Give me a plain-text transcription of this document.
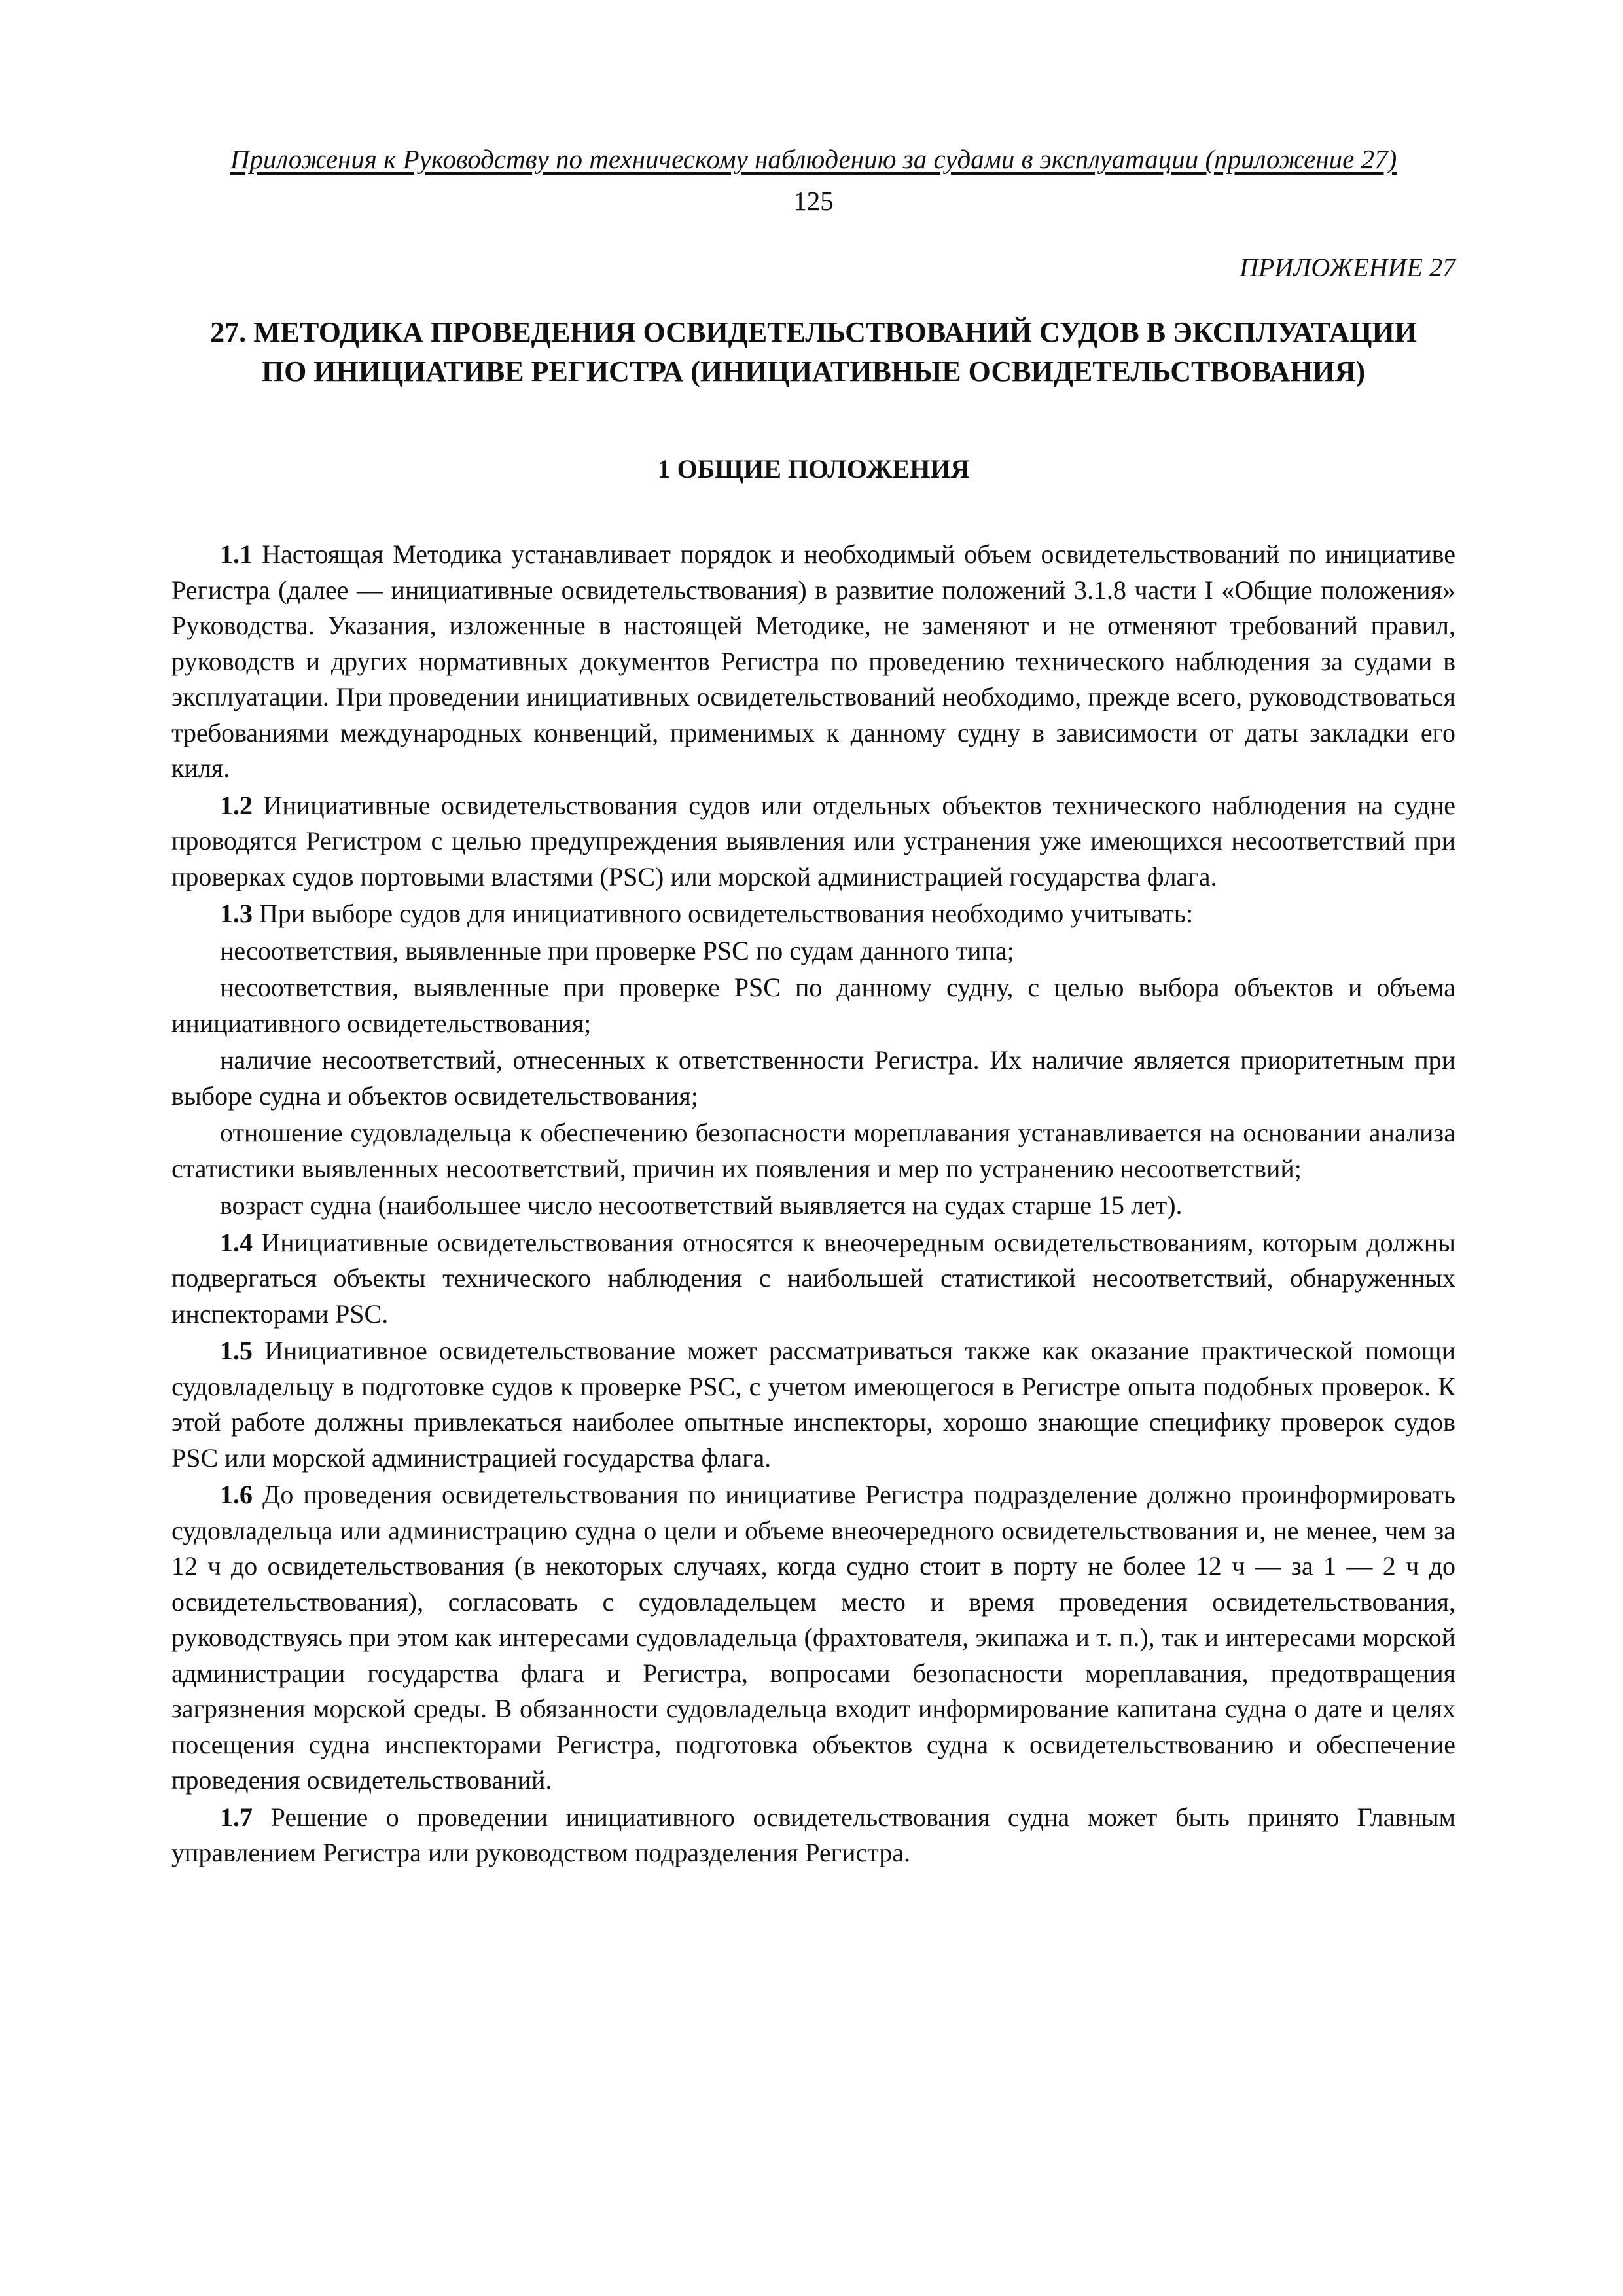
Приложения к Руководству по техническому наблюдению за судами в эксплуатации (приложение 27)
125
ПРИЛОЖЕНИЕ 27
27. МЕТОДИКА ПРОВЕДЕНИЯ ОСВИДЕТЕЛЬСТВОВАНИЙ СУДОВ В ЭКСПЛУАТАЦИИ
ПО ИНИЦИАТИВЕ РЕГИСТРА (ИНИЦИАТИВНЫЕ ОСВИДЕТЕЛЬСТВОВАНИЯ)
1 ОБЩИЕ ПОЛОЖЕНИЯ

1.1 Настоящая Методика устанавливает порядок и необходимый объем освидетельствований по инициативе Регистра (далее — инициативные освидетельствования) в развитие положений 3.1.8 части I «Общие положения» Руководства. Указания, изложенные в настоящей Методике, не заменяют и не отменяют требований правил, руководств и других нормативных документов Регистра по проведению технического наблюдения за судами в эксплуатации. При проведении инициативных освидетельствований необходимо, прежде всего, руководствоваться требованиями международных конвенций, применимых к данному судну в зависимости от даты закладки его киля.

1.2 Инициативные освидетельствования судов или отдельных объектов технического наблюдения на судне проводятся Регистром с целью предупреждения выявления или устранения уже имеющихся несоответствий при проверках судов портовыми властями (PSC) или морской администрацией государства флага.

1.3 При выборе судов для инициативного освидетельствования необходимо учитывать:

несоответствия, выявленные при проверке PSC по судам данного типа;

несоответствия, выявленные при проверке PSC по данному судну, с целью выбора объектов и объема инициативного освидетельствования;

наличие несоответствий, отнесенных к ответственности Регистра. Их наличие является приоритетным при выборе судна и объектов освидетельствования;

отношение судовладельца к обеспечению безопасности мореплавания устанавливается на основании анализа статистики выявленных несоответствий, причин их появления и мер по устранению несоответствий;

возраст судна (наибольшее число несоответствий выявляется на судах старше 15 лет).

1.4 Инициативные освидетельствования относятся к внеочередным освидетельствованиям, которым должны подвергаться объекты технического наблюдения с наибольшей статистикой несоответствий, обнаруженных инспекторами PSC.

1.5 Инициативное освидетельствование может рассматриваться также как оказание практической помощи судовладельцу в подготовке судов к проверке PSC, с учетом имеющегося в Регистре опыта подобных проверок. К этой работе должны привлекаться наиболее опытные инспекторы, хорошо знающие специфику проверок судов PSC или морской администрацией государства флага.

1.6 До проведения освидетельствования по инициативе Регистра подразделение должно проинформировать судовладельца или администрацию судна о цели и объеме внеочередного освидетельствования и, не менее, чем за 12 ч до освидетельствования (в некоторых случаях, когда судно стоит в порту не более 12 ч — за 1 — 2 ч до освидетельствования), согласовать с судовладельцем место и время проведения освидетельствования, руководствуясь при этом как интересами судовладельца (фрахтователя, экипажа и т. п.), так и интересами морской администрации государства флага и Регистра, вопросами безопасности мореплавания, предотвращения загрязнения морской среды. В обязанности судовладельца входит информирование капитана судна о дате и целях посещения судна инспекторами Регистра, подготовка объектов судна к освидетельствованию и обеспечение проведения освидетельствований.

1.7 Решение о проведении инициативного освидетельствования судна может быть принято Главным управлением Регистра или руководством подразделения Регистра.
